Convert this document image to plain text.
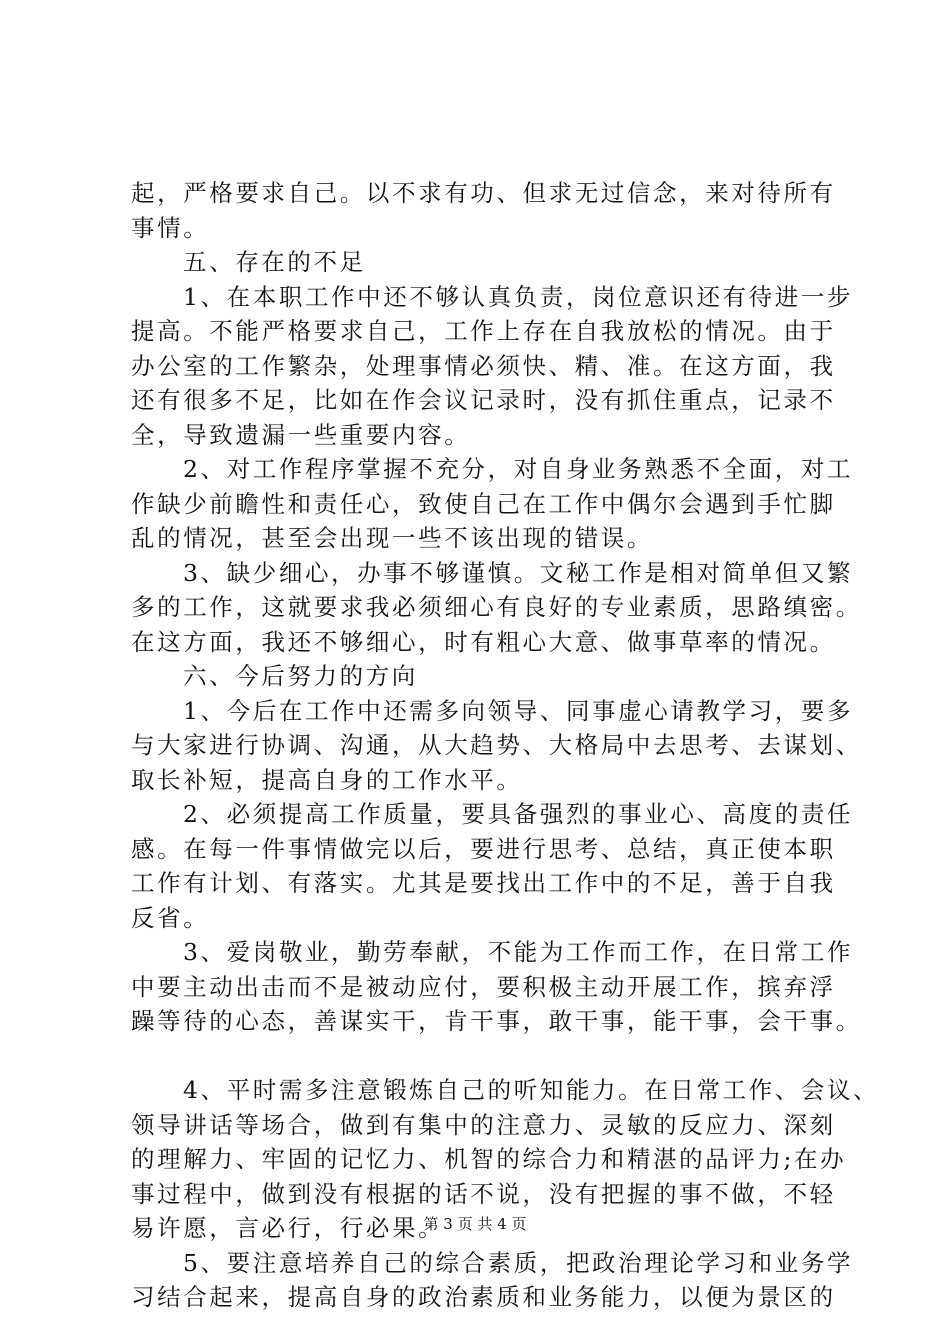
起，严格要求自己。以不求有功、但求无过信念，来对待所有
事情。
五、存在的不足
1、在本职工作中还不够认真负责，岗位意识还有待进一步
提高。不能严格要求自己，工作上存在自我放松的情况。由于
办公室的工作繁杂，处理事情必须快、精、准。在这方面，我
还有很多不足，比如在作会议记录时，没有抓住重点，记录不
全，导致遗漏一些重要内容。
2、对工作程序掌握不充分，对自身业务熟悉不全面，对工
作缺少前瞻性和责任心，致使自己在工作中偶尔会遇到手忙脚
乱的情况，甚至会出现一些不该出现的错误。
3、缺少细心，办事不够谨慎。文秘工作是相对简单但又繁
多的工作，这就要求我必须细心有良好的专业素质，思路缜密。
在这方面，我还不够细心，时有粗心大意、做事草率的情况。
六、今后努力的方向
1、今后在工作中还需多向领导、同事虚心请教学习，要多
与大家进行协调、沟通，从大趋势、大格局中去思考、去谋划、
取长补短，提高自身的工作水平。
2、必须提高工作质量，要具备强烈的事业心、高度的责任
感。在每一件事情做完以后，要进行思考、总结，真正使本职
工作有计划、有落实。尤其是要找出工作中的不足，善于自我
反省。
3、爱岗敬业，勤劳奉献，不能为工作而工作，在日常工作
中要主动出击而不是被动应付，要积极主动开展工作，摈弃浮
躁等待的心态，善谋实干，肯干事，敢干事，能干事，会干事。
4、平时需多注意锻炼自己的听知能力。在日常工作、会议、
领导讲话等场合，做到有集中的注意力、灵敏的反应力、深刻
的理解力、牢固的记忆力、机智的综合力和精湛的品评力;在办
事过程中，做到没有根据的话不说，没有把握的事不做，不轻
易许愿，言必行，行必果。
5、要注意培养自己的综合素质，把政治理论学习和业务学
习结合起来，提高自身的政治素质和业务能力，以便为景区的
第 3 页 共 4 页
